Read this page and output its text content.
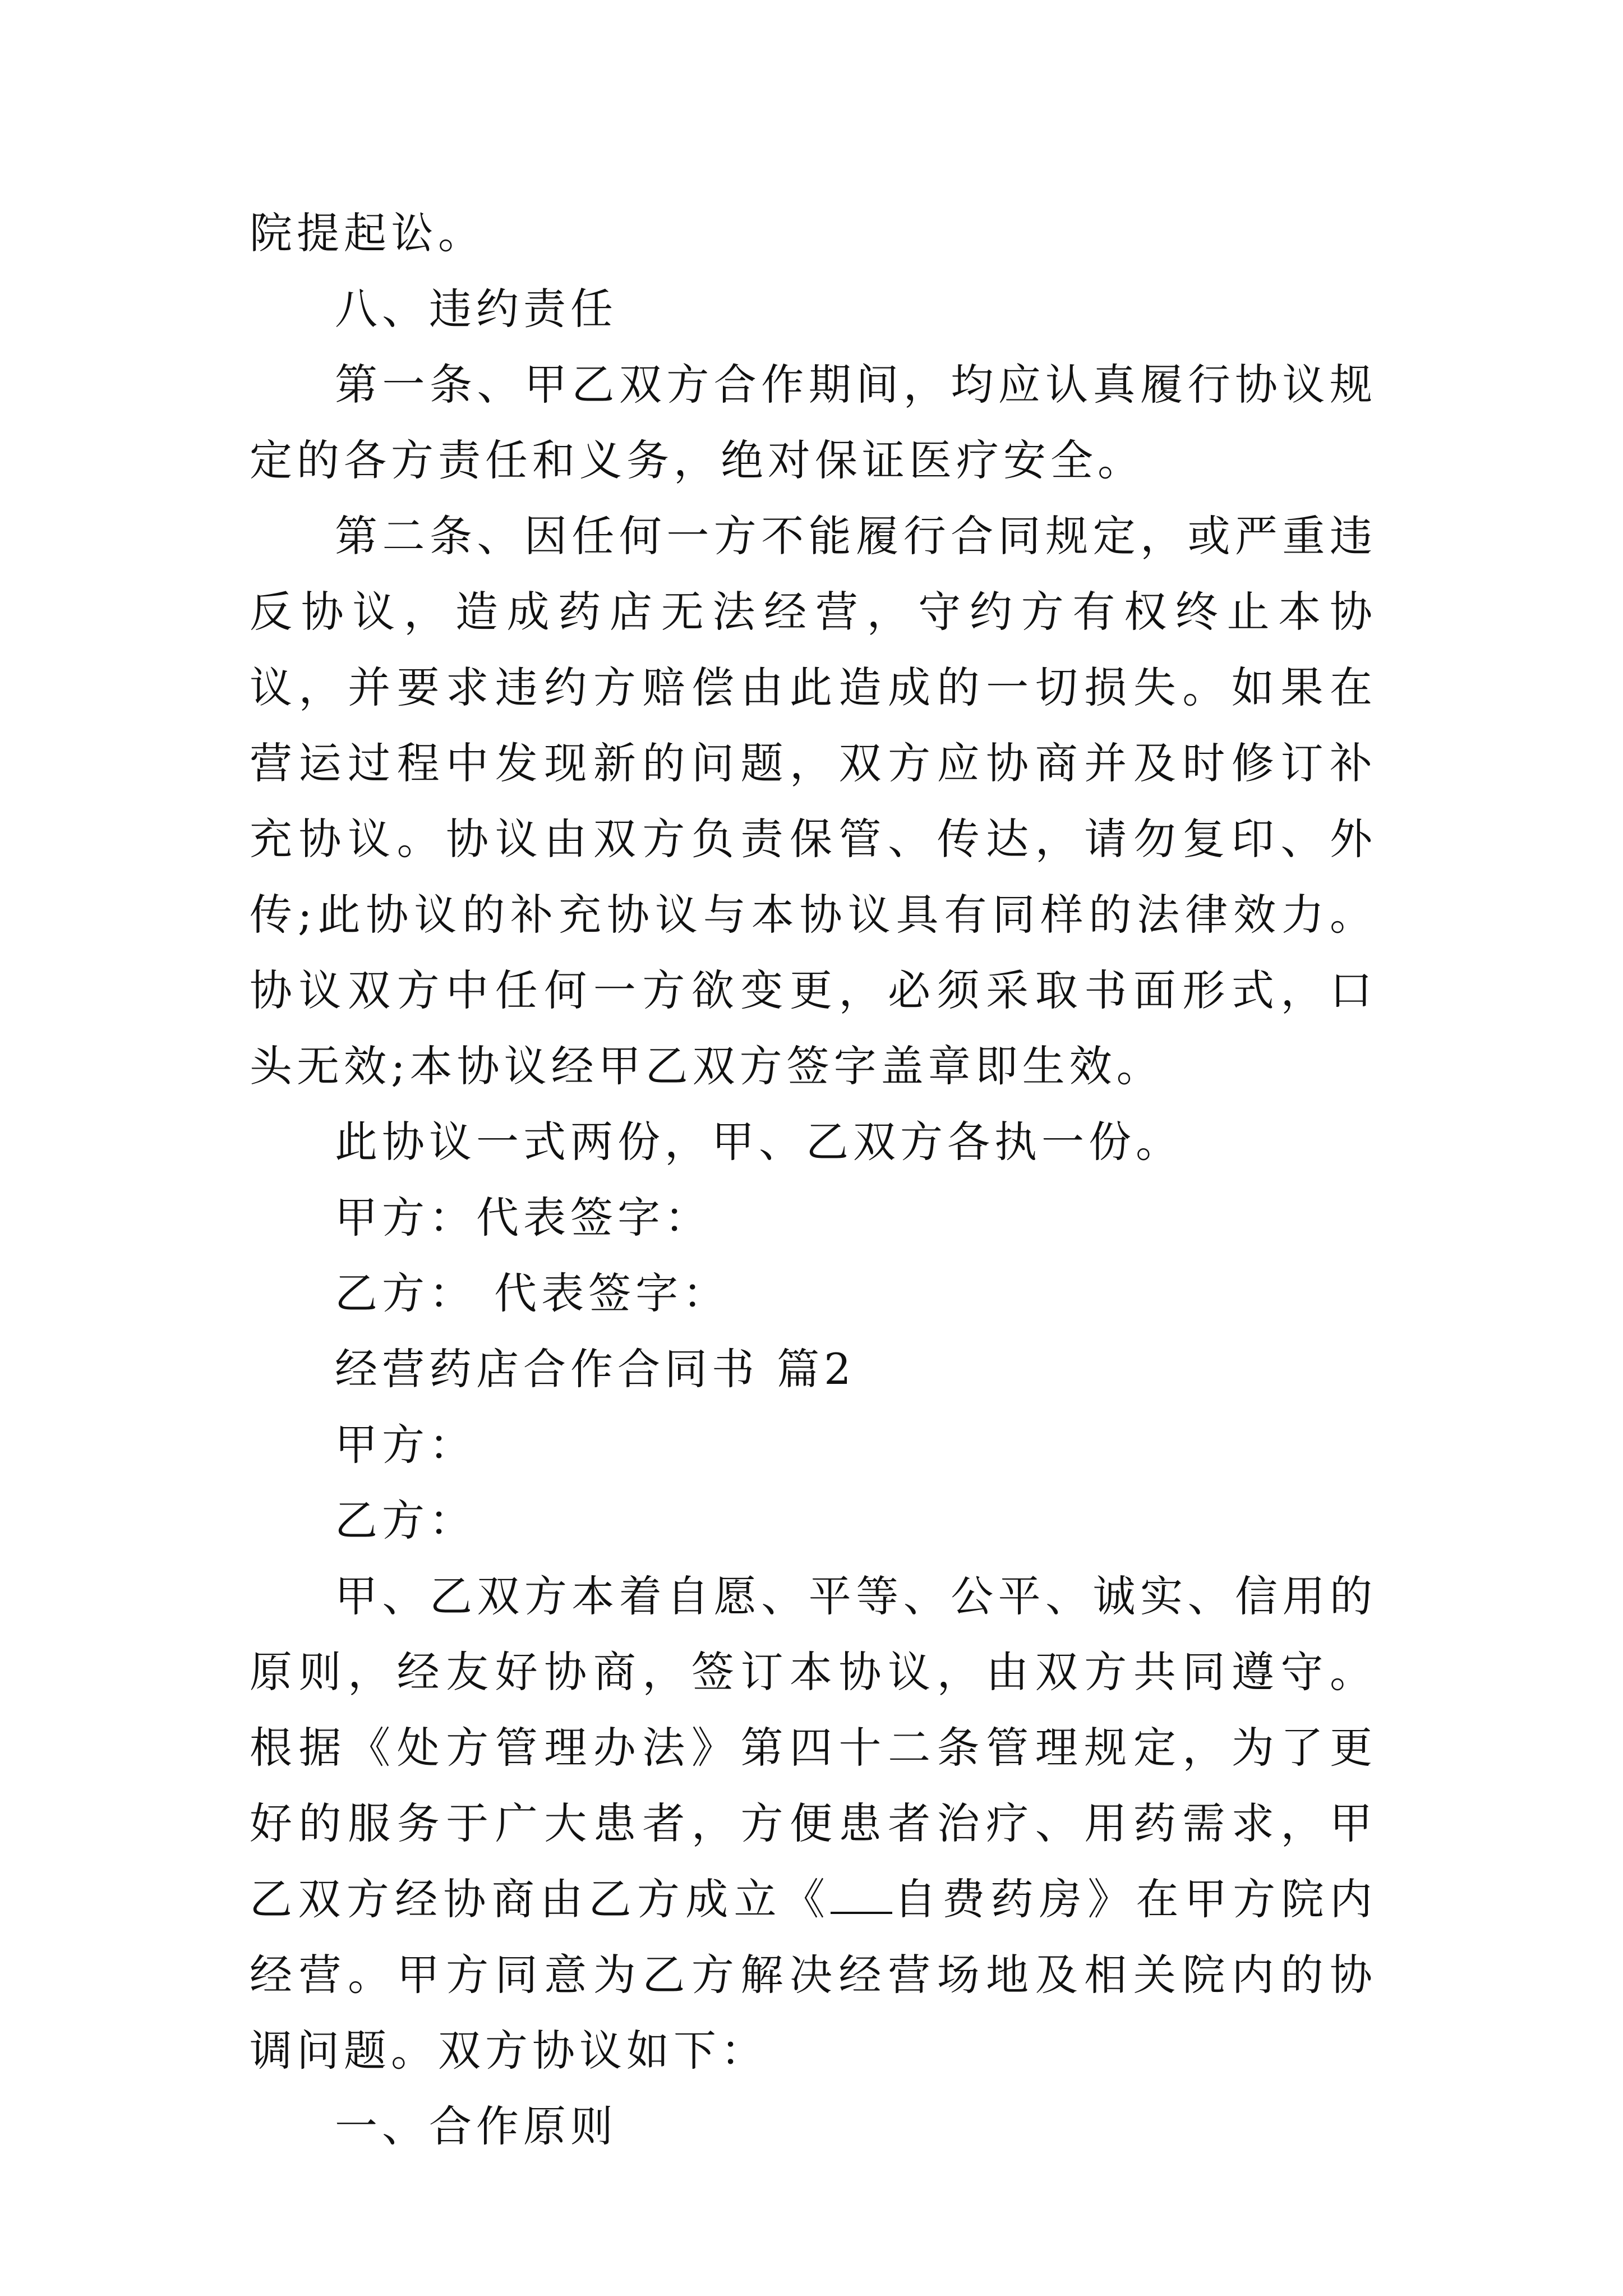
院提起讼。

八、违约责任

第一条、甲乙双方合作期间，均应认真履行协议规定的各方责任和义务，绝对保证医疗安全。

第二条、因任何一方不能履行合同规定，或严重违反协议，造成药店无法经营，守约方有权终止本协议，并要求违约方赔偿由此造成的一切损失。如果在营运过程中发现新的问题，双方应协商并及时修订补充协议。协议由双方负责保管、传达，请勿复印、外传;此协议的补充协议与本协议具有同样的法律效力。协议双方中任何一方欲变更，必须采取书面形式，口头无效;本协议经甲乙双方签字盖章即生效。

此协议一式两份，甲、乙双方各执一份。

甲方：代表签字：

乙方： 代表签字：

经营药店合作合同书 篇2

甲方：

乙方：

甲、乙双方本着自愿、平等、公平、诚实、信用的原则，经友好协商，签订本协议，由双方共同遵守。根据《处方管理办法》第四十二条管理规定，为了更好的服务于广大患者，方便患者治疗、用药需求，甲乙双方经协商由乙方成立《 自费药房》在甲方院内经营。甲方同意为乙方解决经营场地及相关院内的协调问题。双方协议如下：

一、合作原则
